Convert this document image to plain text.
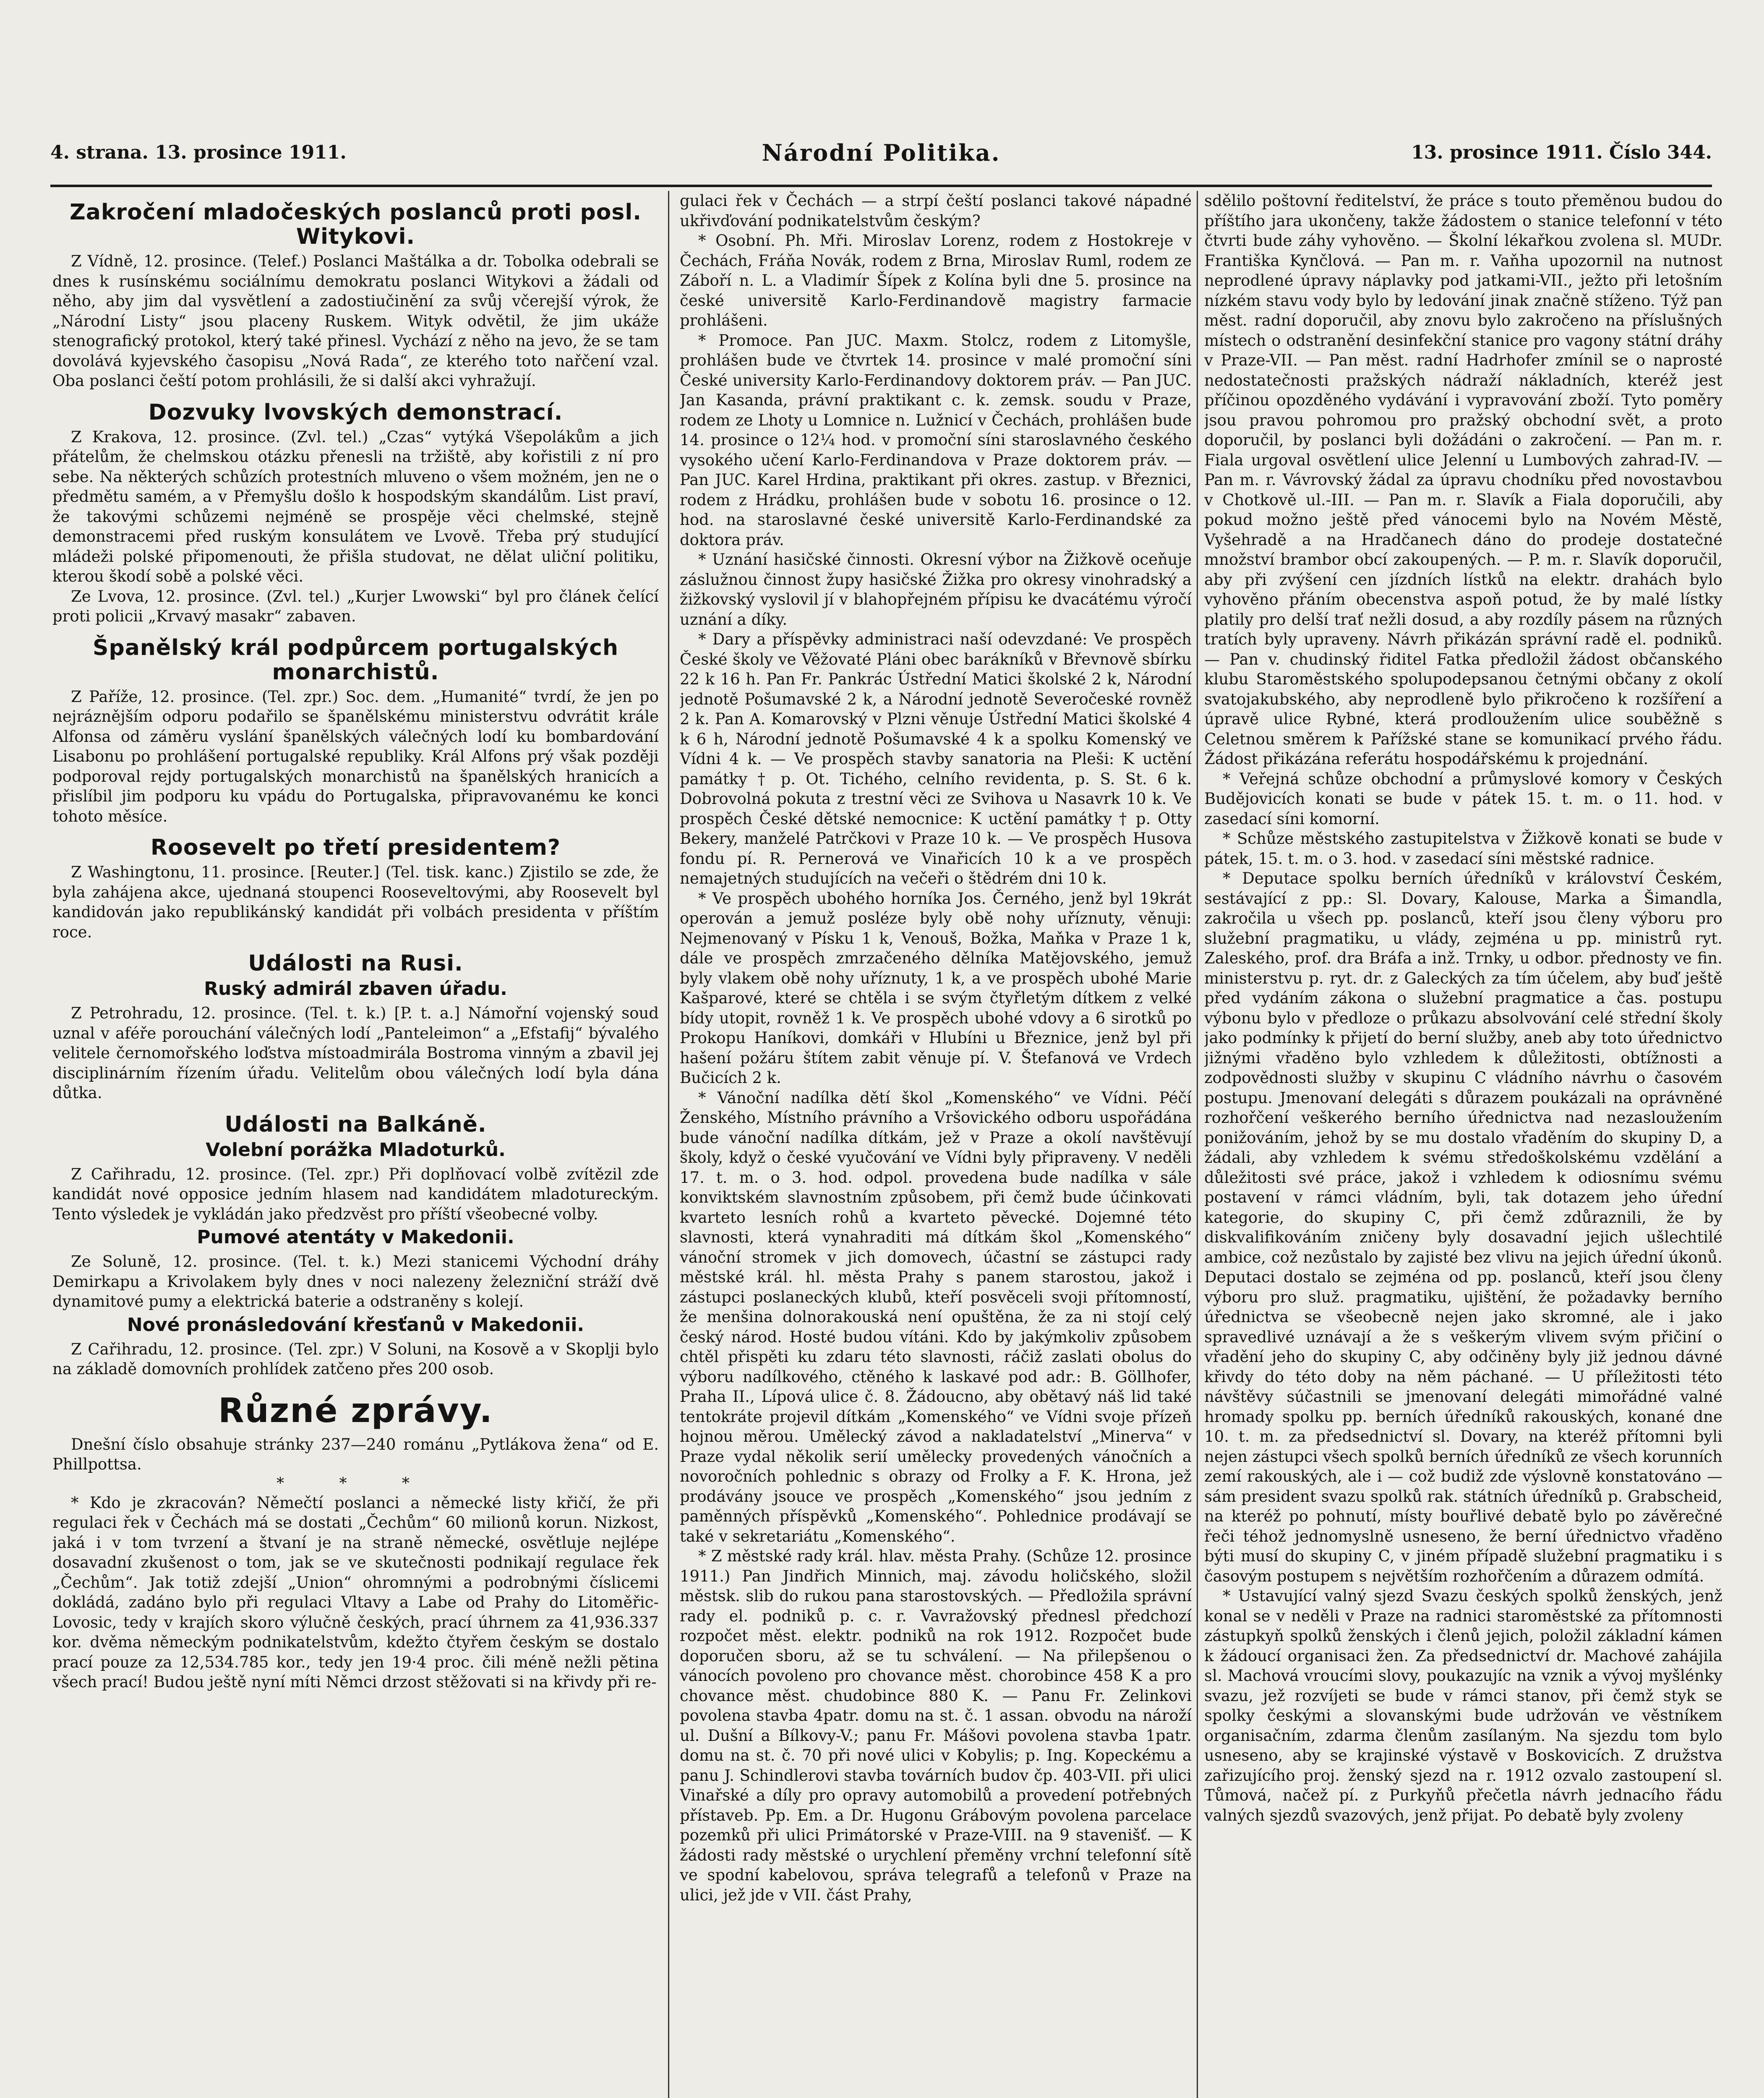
4. strana. 13. prosince 1911.	Národní Politika.	13. prosince 1911. Číslo 344.
Zakročení mladočeských poslanců proti posl. Witykovi.

Z Vídně, 12. prosince. (Telef.) Poslanci Maštálka a dr. Tobolka odebrali se dnes k rusínskému sociálnímu demokratu poslanci Witykovi a žádali od něho, aby jim dal vysvětlení a zadostiučinění za svůj včerejší výrok, že „Národní Listy“ jsou placeny Ruskem. Wityk odvětil, že jim ukáže stenografický protokol, který také přinesl. Vychází z něho na jevo, že se tam dovolává kyjevského časopisu „Nová Rada“, ze kterého toto nařčení vzal. Oba poslanci čeští potom prohlásili, že si další akci vyhražují.

Dozvuky lvovských demonstrací.

Z Krakova, 12. prosince. (Zvl. tel.) „Czas“ vytýká Všepolákům a jich přátelům, že chelmskou otázku přenesli na tržiště, aby kořistili z ní pro sebe. Na některých schůzích protestních mluveno o všem možném, jen ne o předmětu samém, a v Přemyšlu došlo k hospodským skandálům. List praví, že takovými schůzemi nejméně se prospěje věci chelmské, stejně demonstracemi před ruským konsulátem ve Lvově. Třeba prý studující mládeži polské připomenouti, že přišla studovat, ne dělat uliční politiku, kterou škodí sobě a polské věci.

Ze Lvova, 12. prosince. (Zvl. tel.) „Kurjer Lwowski“ byl pro článek čelící proti policii „Krvavý masakr“ zabaven.

Španělský král podpůrcem portugalských monarchistů.

Z Paříže, 12. prosince. (Tel. zpr.) Soc. dem. „Humanité“ tvrdí, že jen po nejráznějším odporu podařilo se španělskému ministerstvu odvrátit krále Alfonsa od záměru vyslání španělských válečných lodí ku bombardování Lisabonu po prohlášení portugalské republiky. Král Alfons prý však později podporoval rejdy portugalských monarchistů na španělských hranicích a přislíbil jim podporu ku vpádu do Portugalska, připravovanému ke konci tohoto měsíce.

Roosevelt po třetí presidentem?

Z Washingtonu, 11. prosince. [Reuter.] (Tel. tisk. kanc.) Zjistilo se zde, že byla zahájena akce, ujednaná stoupenci Rooseveltovými, aby Roosevelt byl kandidován jako republikánský kandidát při volbách presidenta v příštím roce.

Události na Rusi.
Ruský admirál zbaven úřadu.

Z Petrohradu, 12. prosince. (Tel. t. k.) [P. t. a.] Námořní vojenský soud uznal v aféře porouchání válečných lodí „Panteleimon“ a „Efstafij“ bývalého velitele černomořského loďstva místoadmirála Bostroma vinným a zbavil jej disciplinárním řízením úřadu. Velitelům obou válečných lodí byla dána důtka.

Události na Balkáně.
Volební porážka Mladoturků.

Z Cařihradu, 12. prosince. (Tel. zpr.) Při doplňovací volbě zvítězil zde kandidát nové opposice jedním hlasem nad kandidátem mladotureckým. Tento výsledek je vykládán jako předzvěst pro příští všeobecné volby.

Pumové atentáty v Makedonii.

Ze Soluně, 12. prosince. (Tel. t. k.) Mezi stanicemi Východní dráhy Demirkapu a Krivolakem byly dnes v noci nalezeny železniční stráží dvě dynamitové pumy a elektrická baterie a odstraněny s kolejí.

Nové pronásledování křesťanů v Makedonii.

Z Cařihradu, 12. prosince. (Tel. zpr.) V Soluni, na Kosově a v Skoplji bylo na základě domovních prohlídek zatčeno přes 200 osob.

Různé zprávy.

Dnešní číslo obsahuje stránky 237—240 románu „Pytlákova žena“ od E. Phillpottsa.

* * *

* Kdo je zkracován? Němečtí poslanci a německé listy křičí, že při regulaci řek v Čechách má se dostati „Čechům“ 60 milionů korun. Nizkost, jaká i v tom tvrzení a štvaní je na straně německé, osvětluje nejlépe dosavadní zkušenost o tom, jak se ve skutečnosti podnikají regulace řek „Čechům“. Jak totiž zdejší „Union“ ohromnými a podrobnými číslicemi dokládá, zadáno bylo při regulaci Vltavy a Labe od Prahy do Litoměřic-Lovosic, tedy v krajích skoro výlučně českých, prací úhrnem za 41,936.337 kor. dvěma německým podnikatelstvům, kdežto čtyřem českým se dostalo prací pouze za 12,534.785 kor., tedy jen 19·4 proc. čili méně nežli pětina všech prací! Budou ještě nyní míti Němci drzost stěžovati si na křivdy při re-

gulaci řek v Čechách — a strpí čeští poslanci takové nápadné ukřivďování podnikatelstvům českým?

* Osobní. Ph. Mři. Miroslav Lorenz, rodem z Hostokreje v Čechách, Fráňa Novák, rodem z Brna, Miroslav Ruml, rodem ze Záboří n. L. a Vladimír Šípek z Kolína byli dne 5. prosince na české universitě Karlo-Ferdinandově magistry farmacie prohlášeni.

* Promoce. Pan JUC. Maxm. Stolcz, rodem z Litomyšle, prohlášen bude ve čtvrtek 14. prosince v malé promoční síni České university Karlo-Ferdinandovy doktorem práv. — Pan JUC. Jan Kasanda, právní praktikant c. k. zemsk. soudu v Praze, rodem ze Lhoty u Lomnice n. Lužnicí v Čechách, prohlášen bude 14. prosince o 12¼ hod. v promoční síni staroslavného českého vysokého učení Karlo-Ferdinandova v Praze doktorem práv. — Pan JUC. Karel Hrdina, praktikant při okres. zastup. v Březnici, rodem z Hrádku, prohlášen bude v sobotu 16. prosince o 12. hod. na staroslavné české universitě Karlo-Ferdinandské za doktora práv.

* Uznání hasičské činnosti. Okresní výbor na Žižkově oceňuje záslužnou činnost župy hasičské Žižka pro okresy vinohradský a žižkovský vyslovil jí v blahopřejném přípisu ke dvacátému výročí uznání a díky.

* Dary a příspěvky administraci naší odevzdané: Ve prospěch České školy ve Věžovaté Pláni obec barákníků v Břevnově sbírku 22 k 16 h. Pan Fr. Pankrác Ústřední Matici školské 2 k, Národní jednotě Pošumavské 2 k, a Národní jednotě Severočeské rovněž 2 k. Pan A. Komarovský v Plzni věnuje Ústřední Matici školské 4 k 6 h, Národní jednotě Pošumavské 4 k a spolku Komenský ve Vídni 4 k. — Ve prospěch stavby sanatoria na Pleši: K uctění památky † p. Ot. Tichého, celního revidenta, p. S. St. 6 k. Dobrovolná pokuta z trestní věci ze Svihova u Nasavrk 10 k. Ve prospěch České dětské nemocnice: K uctění památky † p. Otty Bekery, manželé Patrčkovi v Praze 10 k. — Ve prospěch Husova fondu pí. R. Pernerová ve Vinařicích 10 k a ve prospěch nemajetných studujících na večeři o štědrém dni 10 k.

* Ve prospěch ubohého horníka Jos. Černého, jenž byl 19krát operován a jemuž posléze byly obě nohy uříznuty, věnuji: Nejmenovaný v Písku 1 k, Venouš, Božka, Maňka v Praze 1 k, dále ve prospěch zmrzačeného dělníka Matějovského, jemuž byly vlakem obě nohy uříznuty, 1 k, a ve prospěch ubohé Marie Kašparové, které se chtěla i se svým čtyřletým dítkem z velké bídy utopit, rovněž 1 k. Ve prospěch ubohé vdovy a 6 sirotků po Prokopu Haníkovi, domkáři v Hlubíni u Březnice, jenž byl při hašení požáru štítem zabit věnuje pí. V. Štefanová ve Vrdech Bučicích 2 k.

* Vánoční nadílka dětí škol „Komenského“ ve Vídni. Péčí Ženského, Místního právního a Vršovického odboru uspořádána bude vánoční nadílka dítkám, jež v Praze a okolí navštěvují školy, když o české vyučování ve Vídni byly připraveny. V neděli 17. t. m. o 3. hod. odpol. provedena bude nadílka v sále konviktském slavnostním způsobem, při čemž bude účinkovati kvarteto lesních rohů a kvarteto pěvecké. Dojemné této slavnosti, která vynahraditi má dítkám škol „Komenského“ vánoční stromek v jich domovech, účastní se zástupci rady městské král. hl. města Prahy s panem starostou, jakož i zástupci poslaneckých klubů, kteří posvěceli svoji přítomností, že menšina dolnorakouská není opuštěna, že za ni stojí celý český národ. Hosté budou vítáni. Kdo by jakýmkoliv způsobem chtěl přispěti ku zdaru této slavnosti, ráčiž zaslati obolus do výboru nadílkového, ctěného k laskavé pod adr.: B. Göllhofer, Praha II., Lípová ulice č. 8. Žádoucno, aby obětavý náš lid také tentokráte projevil dítkám „Komenského“ ve Vídni svoje přízeň hojnou měrou. Umělecký závod a nakladatelství „Minerva“ v Praze vydal několik serií umělecky provedených vánočních a novoročních pohlednic s obrazy od Frolky a F. K. Hrona, jež prodávány jsouce ve prospěch „Komenského“ jsou jedním z paměnných příspěvků „Komenského“. Pohlednice prodávají se také v sekretariátu „Komenského“.

* Z městské rady král. hlav. města Prahy. (Schůze 12. prosince 1911.) Pan Jindřich Minnich, maj. závodu holičského, složil městsk. slib do rukou pana starostovských. — Předložila správní rady el. podniků p. c. r. Vavražovský přednesl předchozí rozpočet měst. elektr. podniků na rok 1912. Rozpočet bude doporučen sboru, až se tu schválení. — Na přilepšenou o vánocích povoleno pro chovance měst. chorobince 458 K a pro chovance měst. chudobince 880 K. — Panu Fr. Zelinkovi povolena stavba 4patr. domu na st. č. 1 assan. obvodu na nároží ul. Dušní a Bílkovy-V.; panu Fr. Mášovi povolena stavba 1patr. domu na st. č. 70 při nové ulici v Kobylis; p. Ing. Kopeckému a panu J. Schindlerovi stavba továrních budov čp. 403-VII. při ulici Vinařské a díly pro opravy automobilů a provedení potřebných přístaveb. Pp. Em. a Dr. Hugonu Grábovým povolena parcelace pozemků při ulici Primátorské v Praze-VIII. na 9 stavenišť. — K žádosti rady městské o urychlení přeměny vrchní telefonní sítě ve spodní kabelovou, správa telegrafů a telefonů v Praze na ulici, jež jde v VII. část Prahy,

sdělilo poštovní ředitelství, že práce s touto přeměnou budou do příštího jara ukončeny, takže žádostem o stanice telefonní v této čtvrti bude záhy vyhověno. — Školní lékařkou zvolena sl. MUDr. Františka Kynčlová. — Pan m. r. Vaňha upozornil na nutnost neprodlené úpravy náplavky pod jatkami-VII., ježto při letošním nízkém stavu vody bylo by ledování jinak značně stíženo. Týž pan měst. radní doporučil, aby znovu bylo zakročeno na příslušných místech o odstranění desinfekční stanice pro vagony státní dráhy v Praze-VII. — Pan měst. radní Hadrhofer zmínil se o naprosté nedostatečnosti pražských nádraží nákladních, kteréž jest příčinou opozděného vydávání i vypravování zboží. Tyto poměry jsou pravou pohromou pro pražský obchodní svět, a proto doporučil, by poslanci byli dožádáni o zakročení. — Pan m. r. Fiala urgoval osvětlení ulice Jelenní u Lumbových zahrad-IV. — Pan m. r. Vávrovský žádal za úpravu chodníku před novostavbou v Chotkově ul.-III. — Pan m. r. Slavík a Fiala doporučili, aby pokud možno ještě před vánocemi bylo na Novém Městě, Vyšehradě a na Hradčanech dáno do prodeje dostatečné množství brambor obcí zakoupených. — P. m. r. Slavík doporučil, aby při zvýšení cen jízdních lístků na elektr. drahách bylo vyhověno přáním obecenstva aspoň potud, že by malé lístky platily pro delší trať nežli dosud, a aby rozdíly pásem na různých tratích byly upraveny. Návrh přikázán správní radě el. podniků. — Pan v. chudinský řiditel Fatka předložil žádost občanského klubu Staroměstského spolupodepsanou četnými občany z okolí svatojakubského, aby neprodleně bylo přikročeno k rozšíření a úpravě ulice Rybné, která prodloužením ulice souběžně s Celetnou směrem k Pařížské stane se komunikací prvého řádu. Žádost přikázána referátu hospodářskému k projednání.

* Veřejná schůze obchodní a průmyslové komory v Českých Budějovicích konati se bude v pátek 15. t. m. o 11. hod. v zasedací síni komorní.

* Schůze městského zastupitelstva v Žižkově konati se bude v pátek, 15. t. m. o 3. hod. v zasedací síni městské radnice.

* Deputace spolku berních úředníků v království Českém, sestávající z pp.: Sl. Dovary, Kalouse, Marka a Šimandla, zakročila u všech pp. poslanců, kteří jsou členy výboru pro služební pragmatiku, u vlády, zejména u pp. ministrů ryt. Zaleského, prof. dra Bráfa a inž. Trnky, u odbor. přednosty ve fin. ministerstvu p. ryt. dr. z Galeckých za tím účelem, aby buď ještě před vydáním zákona o služební pragmatice a čas. postupu výbonu bylo v předloze o průkazu absolvování celé střední školy jako podmínky k přijetí do berní služby, aneb aby toto úřednictvo jižnými vřaděno bylo vzhledem k důležitosti, obtížnosti a zodpovědnosti služby v skupinu C vládního návrhu o časovém postupu. Jmenovaní delegáti s důrazem poukázali na oprávněné rozhořčení veškerého berního úřednictva nad nezasloužením ponižováním, jehož by se mu dostalo vřaděním do skupiny D, a žádali, aby vzhledem k svému středoškolskému vzdělání a důležitosti své práce, jakož i vzhledem k odiosnímu svému postavení v rámci vládním, byli, tak dotazem jeho úřední kategorie, do skupiny C, při čemž zdůraznili, že by diskvalifikováním zničeny byly dosavadní jejich ušlechtilé ambice, což nezůstalo by zajisté bez vlivu na jejich úřední úkonů. Deputaci dostalo se zejména od pp. poslanců, kteří jsou členy výboru pro služ. pragmatiku, ujištění, že požadavky berního úřednictva se všeobecně nejen jako skromné, ale i jako spravedlivé uznávají a že s veškerým vlivem svým přičiní o vřadění jeho do skupiny C, aby odčiněny byly již jednou dávné křivdy do této doby na něm páchané. — U příležitosti této návštěvy súčastnili se jmenovaní delegáti mimořádné valné hromady spolku pp. berních úředníků rakouských, konané dne 10. t. m. za předsednictví sl. Dovary, na kteréž přítomni byli nejen zástupci všech spolků berních úředníků ze všech korunních zemí rakouských, ale i — což budiž zde výslovně konstatováno — sám president svazu spolků rak. státních úředníků p. Grabscheid, na kteréž po pohnutí, místy bouřlivé debatě bylo po závěrečné řeči téhož jednomyslně usneseno, že berní úřednictvo vřaděno býti musí do skupiny C, v jiném případě služební pragmatiku i s časovým postupem s největším rozhořčením a důrazem odmítá.

* Ustavující valný sjezd Svazu českých spolků ženských, jenž konal se v neděli v Praze na radnici staroměstské za přítomnosti zástupkyň spolků ženských i členů jejich, položil základní kámen k žádoucí organisaci žen. Za předsednictví dr. Machové zahájila sl. Machová vroucími slovy, poukazujíc na vznik a vývoj myšlénky svazu, jež rozvíjeti se bude v rámci stanov, při čemž styk se spolky českými a slovanskými bude udržován ve věstníkem organisačním, zdarma členům zasílaným. Na sjezdu tom bylo usneseno, aby se krajinské výstavě v Boskovicích. Z družstva zařizujícího proj. ženský sjezd na r. 1912 ozvalo zastoupení sl. Tůmová, načež pí. z Purkyňů přečetla návrh jednacího řádu valných sjezdů svazových, jenž přijat. Po debatě byly zvoleny
